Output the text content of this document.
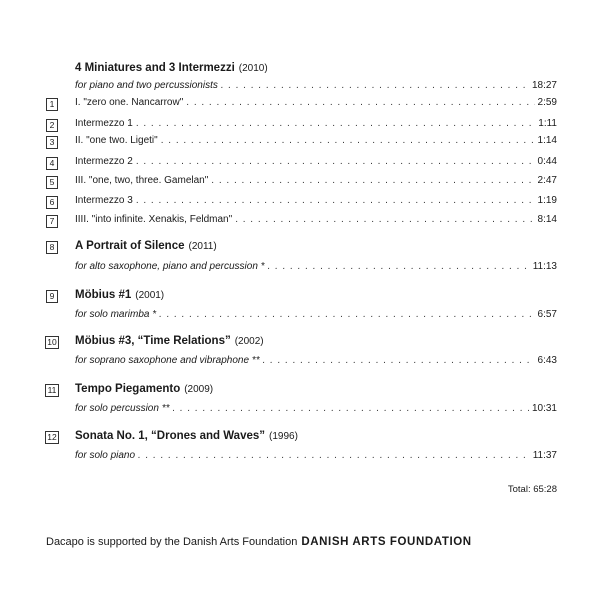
4 Miniatures and 3 Intermezzi (2010)
for piano and two percussionists . . .	18:27
1	I. "zero one. Nancarrow" . . .	2:59
2	Intermezzo 1 . . .	1:11
3	II. "one two. Ligeti" . . .	1:14
4	Intermezzo 2 . . .	0:44
5	III. "one, two, three. Gamelan" . . .	2:47
6	Intermezzo 3 . . .	1:19
7	IIII. "into infinite. Xenakis, Feldman" . . .	8:14
8	A Portrait of Silence (2011)
for alto saxophone, piano and percussion * . . .	11:13
9	Möbius #1 (2001)
for solo marimba * . . .	6:57
10 Möbius #3, “Time Relations” (2002)
for soprano saxophone and vibraphone ** . . .	6:43
11 Tempo Piegamento (2009)
for solo percussion ** . . .	10:31
12 Sonata No. 1, “Drones and Waves” (1996)
for solo piano . . .	11:37
Total: 65:28
Dacapo is supported by the Danish Arts Foundation DANISH ARTS FOUNDATION
